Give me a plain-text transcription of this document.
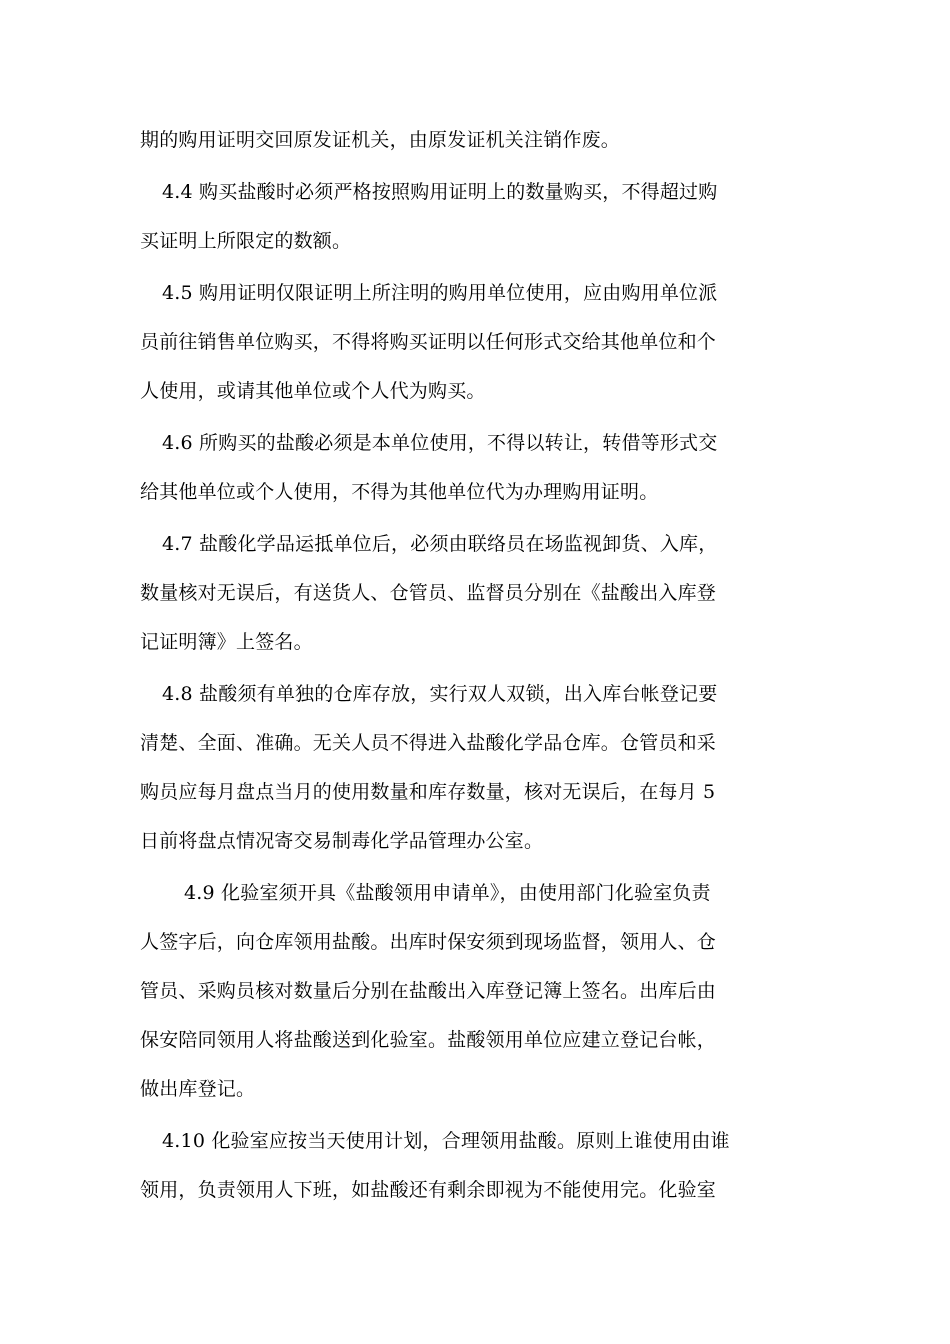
期的购用证明交回原发证机关，由原发证机关注销作废。
4.4 购买盐酸时必须严格按照购用证明上的数量购买，不得超过购
买证明上所限定的数额。
4.5 购用证明仅限证明上所注明的购用单位使用，应由购用单位派
员前往销售单位购买，不得将购买证明以任何形式交给其他单位和个
人使用，或请其他单位或个人代为购买。
4.6 所购买的盐酸必须是本单位使用，不得以转让，转借等形式交
给其他单位或个人使用，不得为其他单位代为办理购用证明。
4.7 盐酸化学品运抵单位后，必须由联络员在场监视卸货、入库，
数量核对无误后，有送货人、仓管员、监督员分别在《盐酸出入库登
记证明簿》上签名。
4.8 盐酸须有单独的仓库存放，实行双人双锁，出入库台帐登记要
清楚、全面、准确。无关人员不得进入盐酸化学品仓库。仓管员和采
购员应每月盘点当月的使用数量和库存数量，核对无误后，在每月 5
日前将盘点情况寄交易制毒化学品管理办公室。
4.9 化验室须开具《盐酸领用申请单》，由使用部门化验室负责
人签字后，向仓库领用盐酸。出库时保安须到现场监督，领用人、仓
管员、采购员核对数量后分别在盐酸出入库登记簿上签名。出库后由
保安陪同领用人将盐酸送到化验室。盐酸领用单位应建立登记台帐，
做出库登记。
4.10 化验室应按当天使用计划，合理领用盐酸。原则上谁使用由谁
领用，负责领用人下班，如盐酸还有剩余即视为不能使用完。化验室
